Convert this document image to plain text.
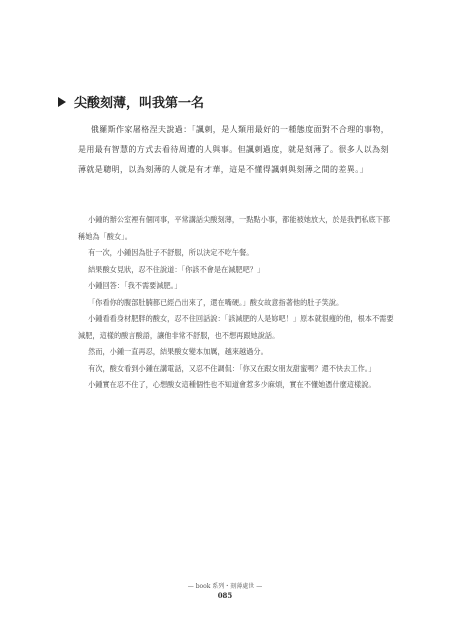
尖酸刻薄，叫我第一名

俄羅斯作家屠格涅夫說過：「諷刺，是人類用最好的一種態度面對不合理的事物，是用最有智慧的方式去看待周遭的人與事。但諷刺過度，就是刻薄了。很多人以為刻薄就是聰明，以為刻薄的人就是有才華，這是不懂得諷刺與刻薄之間的差異。」

小鍾的辦公室裡有個同事，平常講話尖酸刻薄，一點點小事，都能被她放大，於是我們私底下都稱她為「酸女」。

有一次，小鍾因為肚子不舒服，所以決定不吃午餐。

結果酸女見狀，忍不住說道：「你該不會是在減肥吧？」

小鍾回答：「我不需要減肥。」

「你看你的腹部肚腩都已經凸出來了，還在嘴硬。」酸女故意指著他的肚子笑說。

小鍾看看身材肥胖的酸女，忍不住回話說：「該減肥的人是妳吧！」原本就很瘦的他，根本不需要減肥，這樣的酸言酸語，讓他非常不舒服，也不想再跟她說話。

然而，小鍾一直再忍，結果酸女變本加厲，越來越過分。

有次，酸女看到小鍾在講電話，又忍不住調侃：「你又在跟女朋友甜蜜嗎？還不快去工作。」

小鍾實在忍不住了，心想酸女這種個性也不知道會惹多少麻煩，實在不懂她憑什麼這樣說。

— book 系列・刻薄處世 —
085
